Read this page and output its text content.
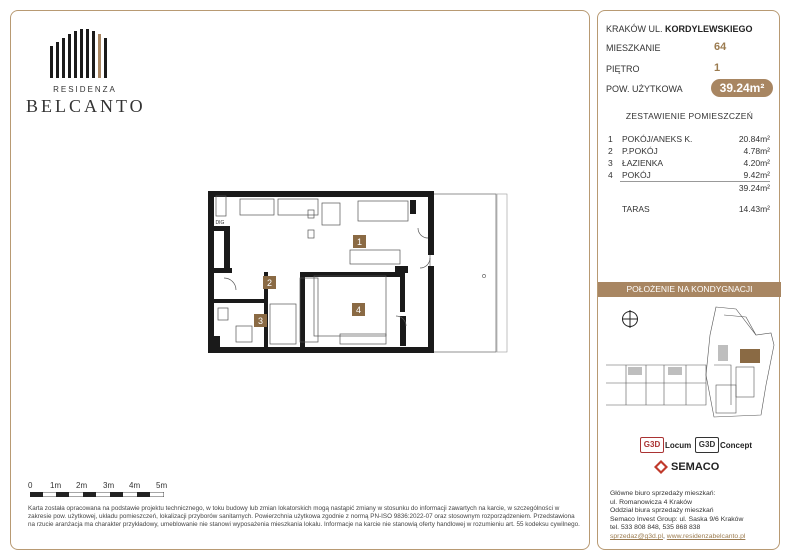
RESIDENZA
BELCANTO
1
2
3
4
DIG
0 1m 2m 3m 4m 5m
Karta została opracowana na podstawie projektu technicznego, w toku budowy lub zmian lokatorskich mogą nastąpić zmiany w stosunku do informacji zawartych na karcie, w szczególności w zakresie pow. użytkowej, układu pomieszczeń, lokalizacji przyborów sanitarnych. Powierzchnia użytkowa zgodnie z normą PN-ISO 9836:2022-07 oraz stosownym rozporządzeniem. Przedstawiona na rzucie aranżacja ma charakter przykładowy, umeblowanie nie stanowi wyposażenia mieszkania lokalu. Informacje na karcie nie stanowią oferty handlowej w rozumieniu art. 55 kodeksu cywilnego.
KRAKÓW UL. KORDYLEWSKIEGO
MIESZKANIE	64
PIĘTRO	1
POW. UŻYTKOWA	39.24m²
ZESTAWIENIE POMIESZCZEŃ
1 POKÓJ/ANEKS K.	20.84m²
2 P.POKÓJ	4.78m²
3 ŁAZIENKA	4.20m²
4 POKÓJ	9.42m²
39.24m²
TARAS	14.43m²
POŁOŻENIE NA KONDYGNACJI
G3D Locum G3D Concept
SEMACO
Główne biuro sprzedaży mieszkań:
ul. Romanowicza 4 Kraków
Oddział biura sprzedaży mieszkań
Semaco Invest Group: ul. Saska 9/6 Kraków
tel. 533 808 848, 535 868 838
sprzedaz@g3d.pl, www.residenzabelcanto.pl
